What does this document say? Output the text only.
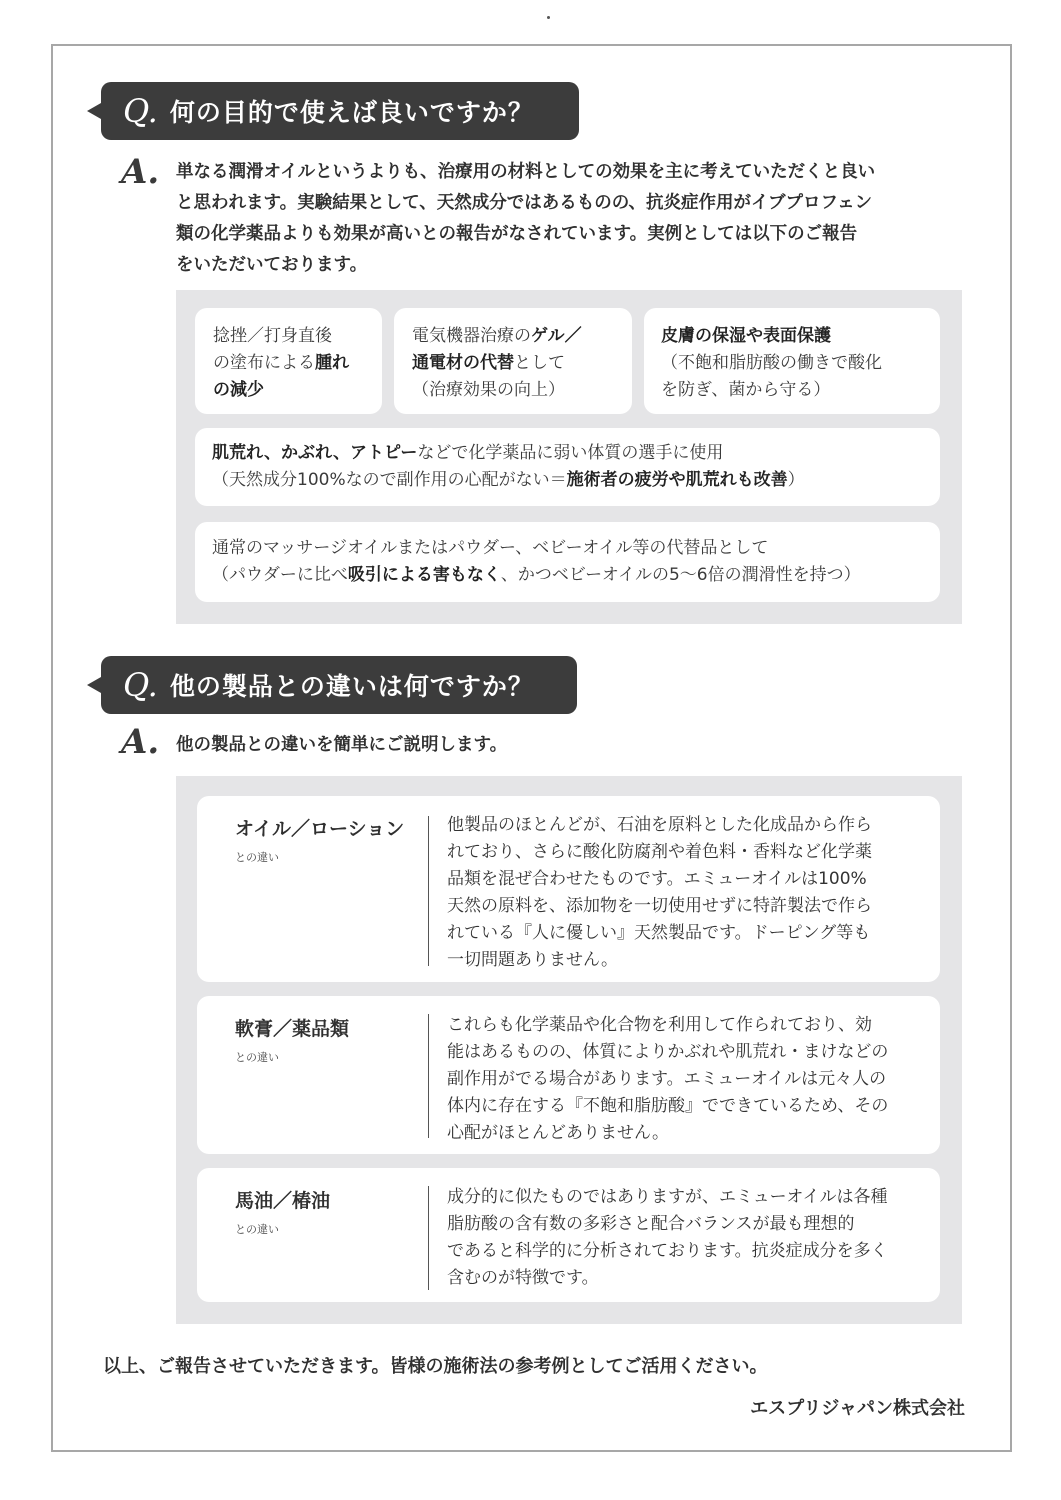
Q. 何の目的で使えば良いですか？
A. 単なる潤滑オイルというよりも、治療用の材料としての効果を主に考えていただくと良い
と思われます。実験結果として、天然成分ではあるものの、抗炎症作用がイブプロフェン
類の化学薬品よりも効果が高いとの報告がなされています。実例としては以下のご報告
をいただいております。
捻挫／打身直後
の塗布による腫れ
の減少
電気機器治療のゲル／
通電材の代替として
（治療効果の向上）
皮膚の保湿や表面保護
（不飽和脂肪酸の働きで酸化
を防ぎ、菌から守る）
肌荒れ、かぶれ、アトピーなどで化学薬品に弱い体質の選手に使用
（天然成分100%なので副作用の心配がない＝施術者の疲労や肌荒れも改善）
通常のマッサージオイルまたはパウダー、ベビーオイル等の代替品として
（パウダーに比べ吸引による害もなく、かつベビーオイルの5～6倍の潤滑性を持つ）
Q. 他の製品との違いは何ですか？
A. 他の製品との違いを簡単にご説明します。
オイル／ローション
との違い
他製品のほとんどが、石油を原料とした化成品から作ら
れており、さらに酸化防腐剤や着色料・香料など化学薬
品類を混ぜ合わせたものです。エミューオイルは100%
天然の原料を、添加物を一切使用せずに特許製法で作ら
れている『人に優しい』天然製品です。ドーピング等も
一切問題ありません。
軟膏／薬品類
との違い
これらも化学薬品や化合物を利用して作られており、効
能はあるものの、体質によりかぶれや肌荒れ・まけなどの
副作用がでる場合があります。エミューオイルは元々人の
体内に存在する『不飽和脂肪酸』でできているため、その
心配がほとんどありません。
馬油／椿油
との違い
成分的に似たものではありますが、エミューオイルは各種
脂肪酸の含有数の多彩さと配合バランスが最も理想的
であると科学的に分析されております。抗炎症成分を多く
含むのが特徴です。
以上、ご報告させていただきます。皆様の施術法の参考例としてご活用ください。
エスプリジャパン株式会社
